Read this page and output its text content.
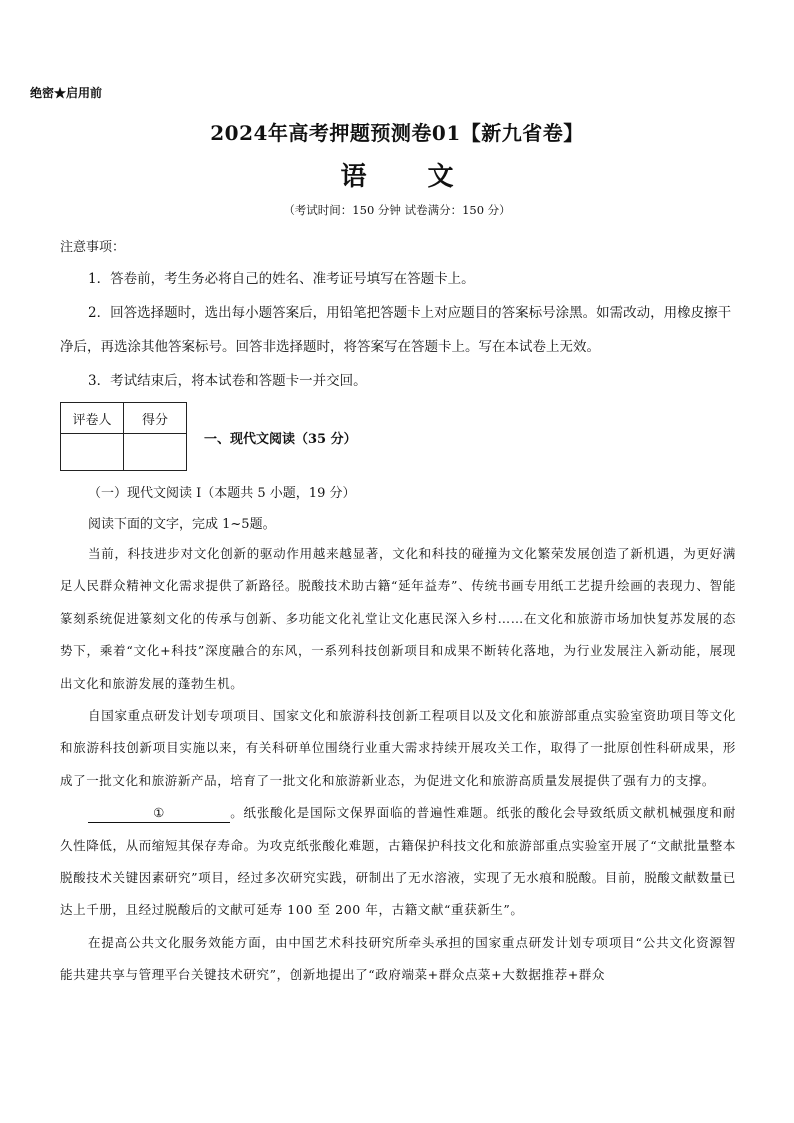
绝密★启用前
2024年高考押题预测卷01【新九省卷】
语 文
（考试时间：150 分钟 试卷满分：150 分）
注意事项：
1．答卷前，考生务必将自己的姓名、准考证号填写在答题卡上。
2．回答选择题时，选出每小题答案后，用铅笔把答题卡上对应题目的答案标号涂黑。如需改动，用橡皮擦干净后，再选涂其他答案标号。回答非选择题时，将答案写在答题卡上。写在本试卷上无效。
3．考试结束后，将本试卷和答题卡一并交回。
评卷人	得分

一、现代文阅读（35 分）
（一）现代文阅读 I（本题共 5 小题，19 分）
阅读下面的文字，完成 1~5题。

当前，科技进步对文化创新的驱动作用越来越显著，文化和科技的碰撞为文化繁荣发展创造了新机遇，为更好满足人民群众精神文化需求提供了新路径。脱酸技术助古籍“延年益寿”、传统书画专用纸工艺提升绘画的表现力、智能篆刻系统促进篆刻文化的传承与创新、多功能文化礼堂让文化惠民深入乡村……在文化和旅游市场加快复苏发展的态势下，乘着“文化+科技”深度融合的东风，一系列科技创新项目和成果不断转化落地，为行业发展注入新动能，展现出文化和旅游发展的蓬勃生机。

自国家重点研发计划专项项目、国家文化和旅游科技创新工程项目以及文化和旅游部重点实验室资助项目等文化和旅游科技创新项目实施以来，有关科研单位围绕行业重大需求持续开展攻关工作，取得了一批原创性科研成果，形成了一批文化和旅游新产品，培育了一批文化和旅游新业态，为促进文化和旅游高质量发展提供了强有力的支撑。

①	。纸张酸化是国际文保界面临的普遍性难题。纸张的酸化会导致纸质文献机械强度和耐久性降低，从而缩短其保存寿命。为攻克纸张酸化难题，古籍保护科技文化和旅游部重点实验室开展了“文献批量整本脱酸技术关键因素研究”项目，经过多次研究实践，研制出了无水溶液，实现了无水痕和脱酸。目前，脱酸文献数量已达上千册，且经过脱酸后的文献可延寿 100 至 200 年，古籍文献“重获新生”。

在提高公共文化服务效能方面，由中国艺术科技研究所牵头承担的国家重点研发计划专项项目“公共文化资源智能共建共享与管理平台关键技术研究”，创新地提出了“政府端菜+群众点菜+大数据推荐+群众
